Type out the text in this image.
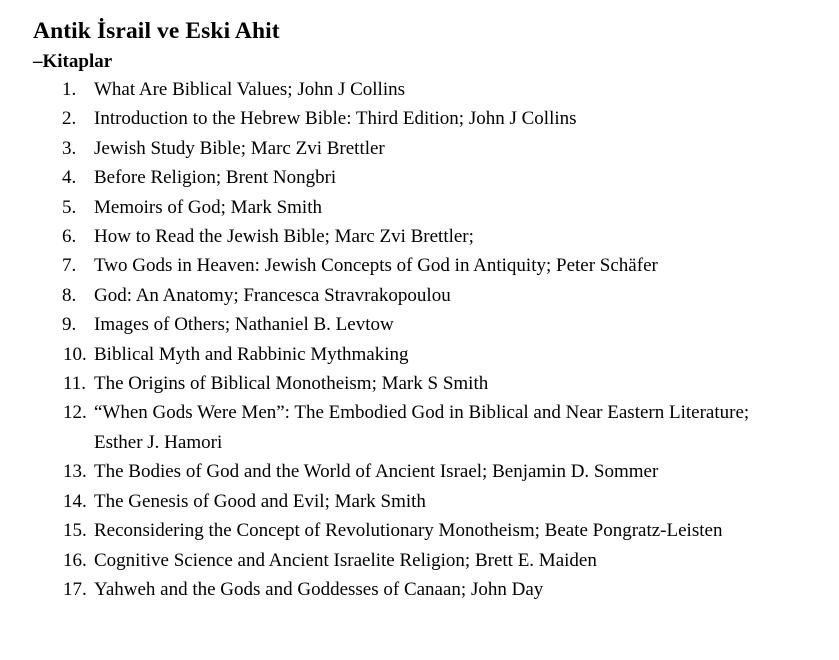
Antik İsrail ve Eski Ahit
–Kitaplar
1. What Are Biblical Values; John J Collins
2. Introduction to the Hebrew Bible: Third Edition; John J Collins
3. Jewish Study Bible; Marc Zvi Brettler
4. Before Religion; Brent Nongbri
5. Memoirs of God; Mark Smith
6. How to Read the Jewish Bible; Marc Zvi Brettler;
7. Two Gods in Heaven: Jewish Concepts of God in Antiquity; Peter Schäfer
8. God: An Anatomy; Francesca Stravrakopoulou
9. Images of Others; Nathaniel B. Levtow
10. Biblical Myth and Rabbinic Mythmaking
11. The Origins of Biblical Monotheism; Mark S Smith
12. “When Gods Were Men”: The Embodied God in Biblical and Near Eastern Literature; Esther J. Hamori
13. The Bodies of God and the World of Ancient Israel; Benjamin D. Sommer
14. The Genesis of Good and Evil; Mark Smith
15. Reconsidering the Concept of Revolutionary Monotheism; Beate Pongratz-Leisten
16. Cognitive Science and Ancient Israelite Religion; Brett E. Maiden
17. Yahweh and the Gods and Goddesses of Canaan; John Day
